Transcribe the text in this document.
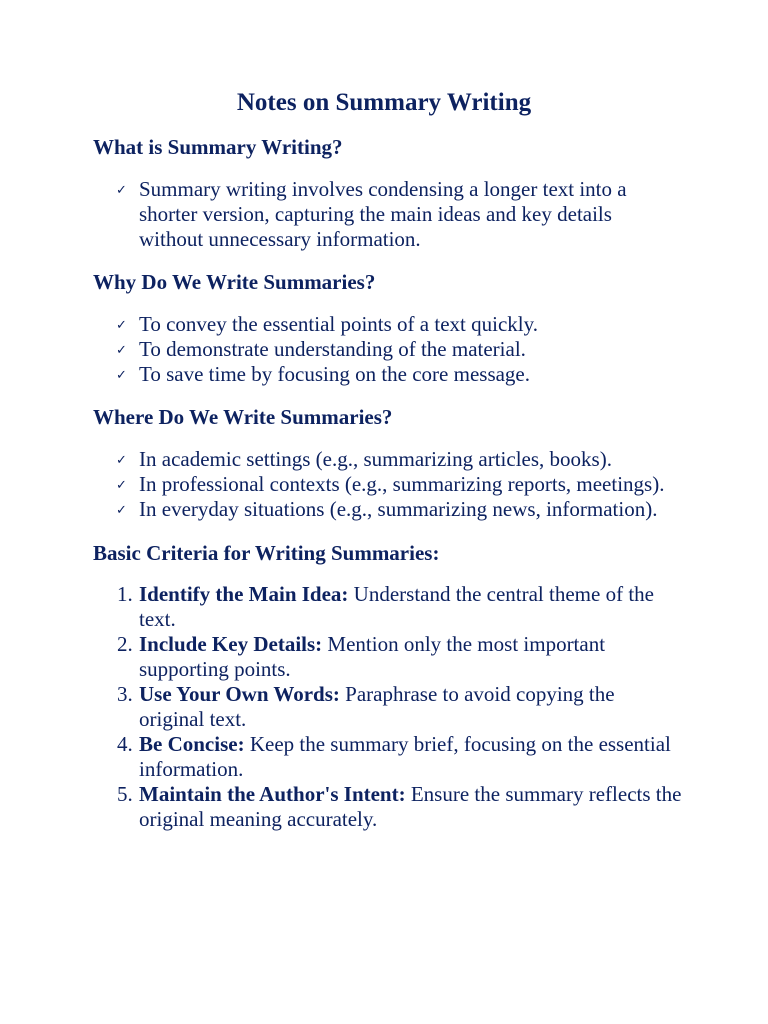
Notes on Summary Writing
What is Summary Writing?
✓ Summary writing involves condensing a longer text into a shorter version, capturing the main ideas and key details without unnecessary information.
Why Do We Write Summaries?
✓ To convey the essential points of a text quickly.
✓ To demonstrate understanding of the material.
✓ To save time by focusing on the core message.
Where Do We Write Summaries?
✓ In academic settings (e.g., summarizing articles, books).
✓ In professional contexts (e.g., summarizing reports, meetings).
✓ In everyday situations (e.g., summarizing news, information).
Basic Criteria for Writing Summaries:
1. Identify the Main Idea: Understand the central theme of the text.
2. Include Key Details: Mention only the most important supporting points.
3. Use Your Own Words: Paraphrase to avoid copying the original text.
4. Be Concise: Keep the summary brief, focusing on the essential information.
5. Maintain the Author's Intent: Ensure the summary reflects the original meaning accurately.
